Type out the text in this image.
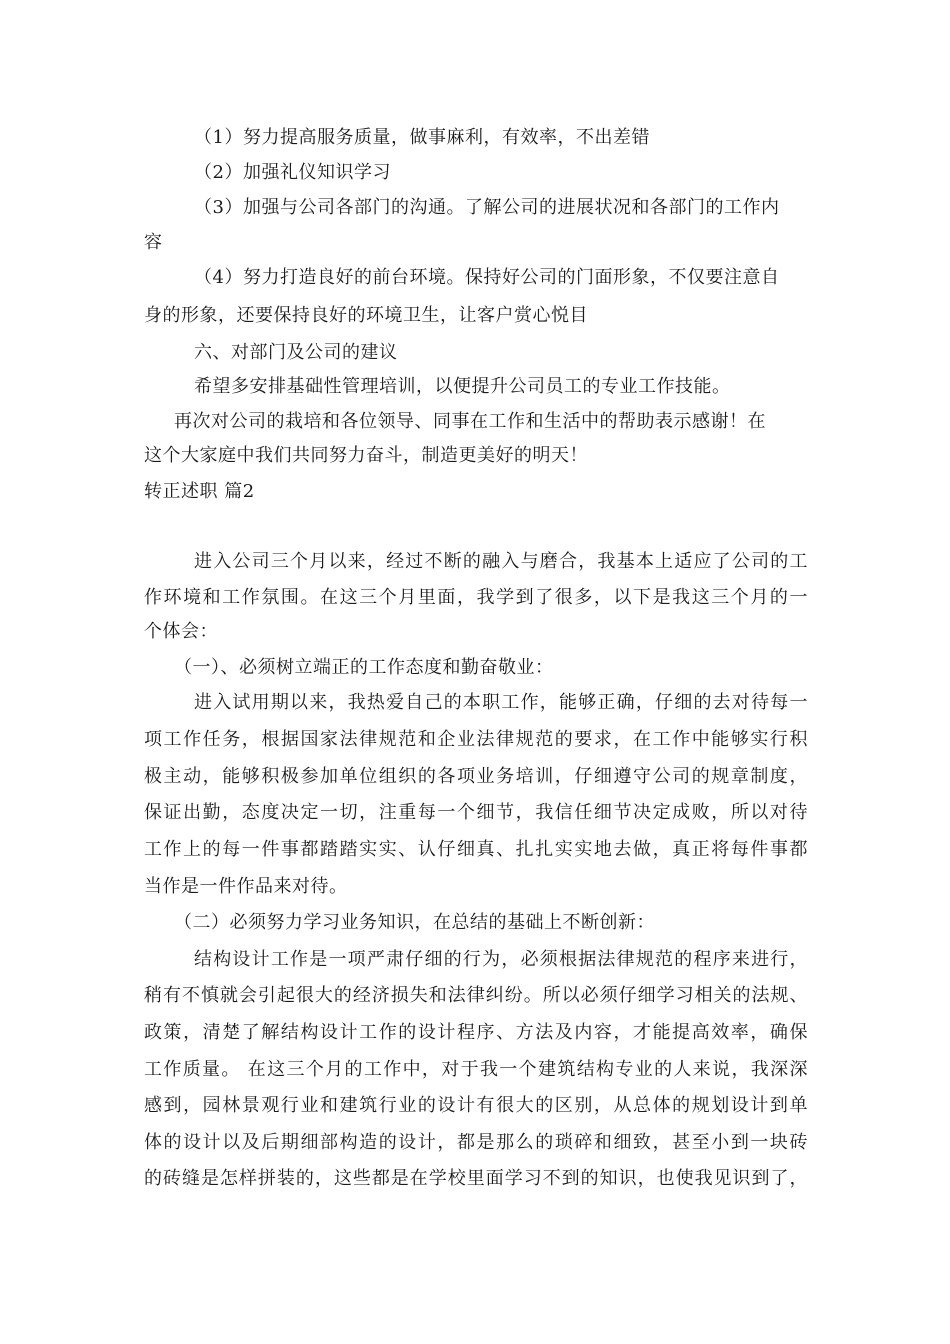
（1）努力提高服务质量，做事麻利，有效率，不出差错
（2）加强礼仪知识学习
（3）加强与公司各部门的沟通。了解公司的进展状况和各部门的工作内
容
（4）努力打造良好的前台环境。保持好公司的门面形象，不仅要注意自
身的形象，还要保持良好的环境卫生，让客户赏心悦目
六、对部门及公司的建议
希望多安排基础性管理培训，以便提升公司员工的专业工作技能。
再次对公司的栽培和各位领导、同事在工作和生活中的帮助表示感谢！在
这个大家庭中我们共同努力奋斗，制造更美好的明天！
转正述职 篇2
进入公司三个月以来，经过不断的融入与磨合，我基本上适应了公司的工
作环境和工作氛围。在这三个月里面，我学到了很多，以下是我这三个月的一
个体会：
（一）、必须树立端正的工作态度和勤奋敬业：
进入试用期以来，我热爱自己的本职工作，能够正确，仔细的去对待每一
项工作任务，根据国家法律规范和企业法律规范的要求，在工作中能够实行积
极主动，能够积极参加单位组织的各项业务培训，仔细遵守公司的规章制度，
保证出勤，态度决定一切，注重每一个细节，我信任细节决定成败，所以对待
工作上的每一件事都踏踏实实、认仔细真、扎扎实实地去做，真正将每件事都
当作是一件作品来对待。
（二）必须努力学习业务知识，在总结的基础上不断创新：
结构设计工作是一项严肃仔细的行为，必须根据法律规范的程序来进行，
稍有不慎就会引起很大的经济损失和法律纠纷。所以必须仔细学习相关的法规、
政策，清楚了解结构设计工作的设计程序、方法及内容，才能提高效率，确保
工作质量。 在这三个月的工作中，对于我一个建筑结构专业的人来说，我深深
感到，园林景观行业和建筑行业的设计有很大的区别，从总体的规划设计到单
体的设计以及后期细部构造的设计，都是那么的琐碎和细致，甚至小到一块砖
的砖缝是怎样拼装的，这些都是在学校里面学习不到的知识，也使我见识到了，
